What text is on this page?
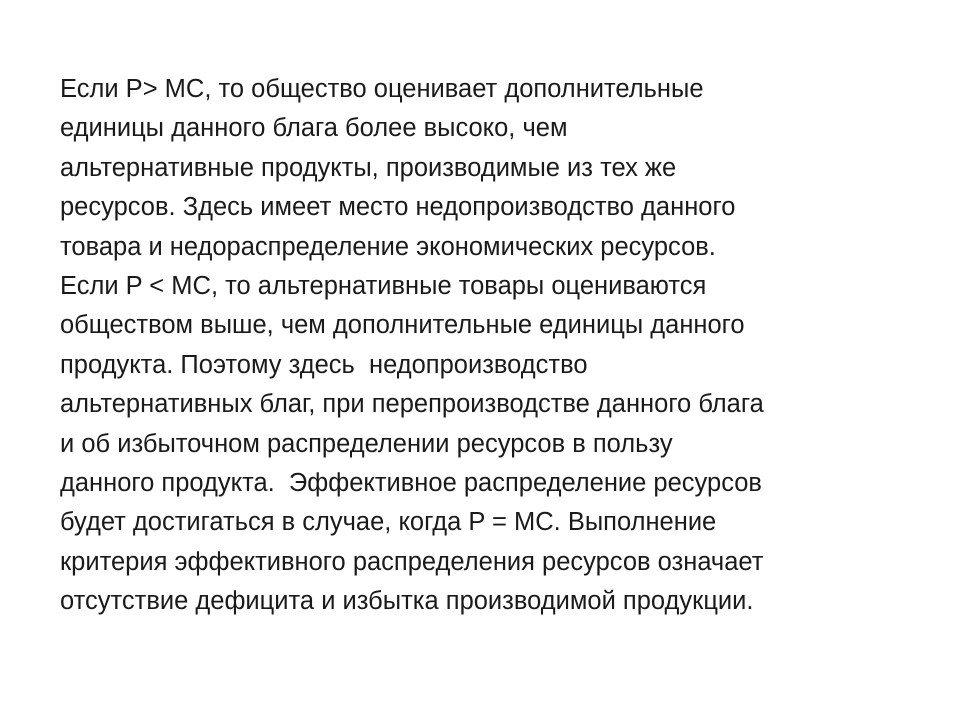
Если P> MC, то общество оценивает дополнительные
единицы данного блага более высоко, чем
альтернативные продукты, производимые из тех же
ресурсов. Здесь имеет место недопроизводство данного
товара и недораспределение экономических ресурсов.
Если P < MC, то альтернативные товары оцениваются
обществом выше, чем дополнительные единицы данного
продукта. Поэтому здесь  недопроизводство
альтернативных благ, при перепроизводстве данного блага
и об избыточном распределении ресурсов в пользу
данного продукта.  Эффективное распределение ресурсов
будет достигаться в случае, когда P = MC. Выполнение
критерия эффективного распределения ресурсов означает
отсутствие дефицита и избытка производимой продукции.
